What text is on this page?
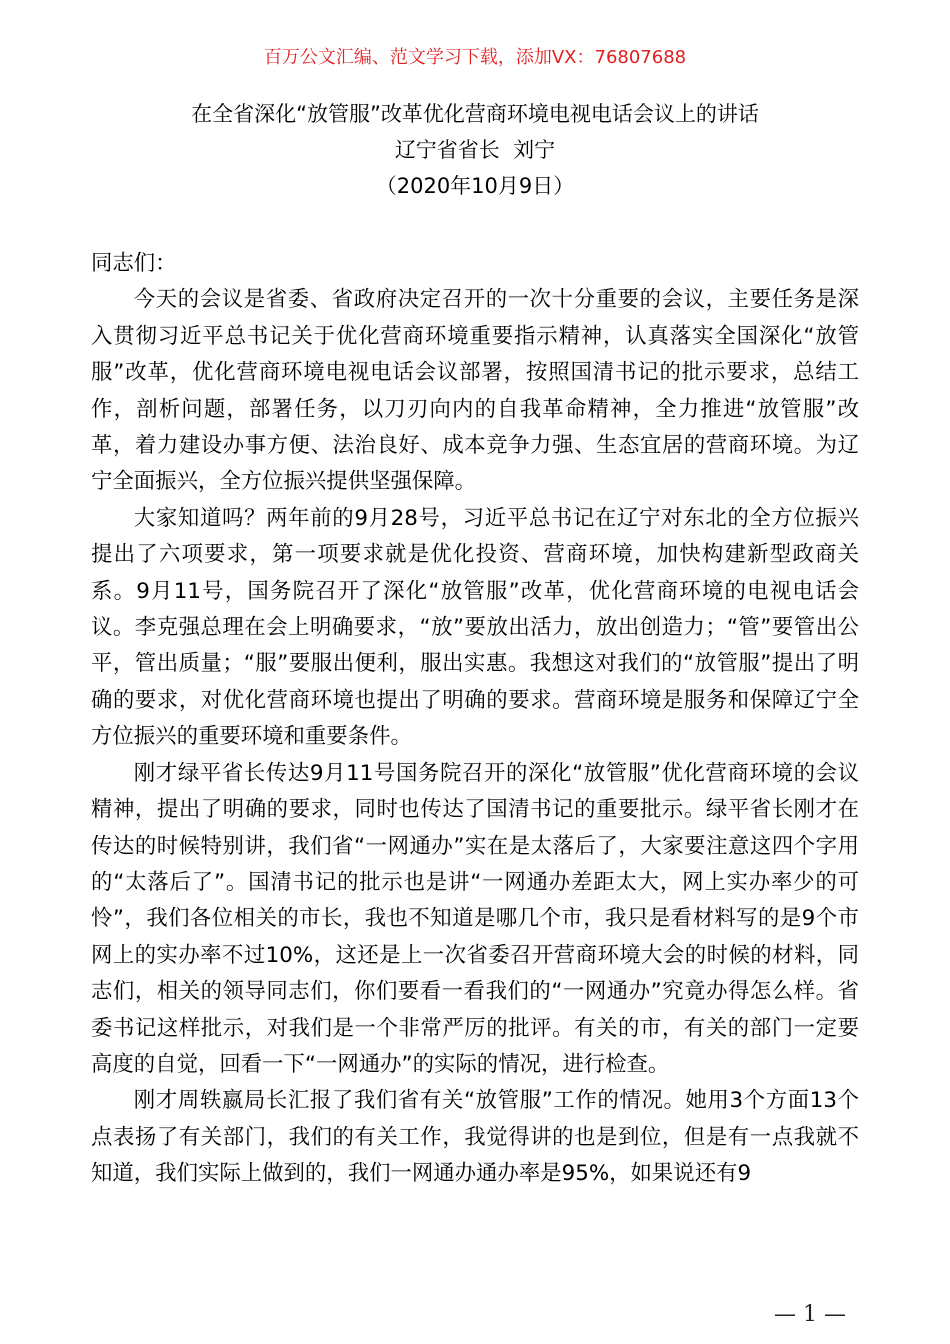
百万公文汇编、范文学习下载，添加VX：76807688

在全省深化“放管服”改革优化营商环境电视电话会议上的讲话

辽宁省省长  刘宁

（2020年10月9日）

同志们：

今天的会议是省委、省政府决定召开的一次十分重要的会议，主要任务是深入贯彻习近平总书记关于优化营商环境重要指示精神，认真落实全国深化“放管服”改革，优化营商环境电视电话会议部署，按照国清书记的批示要求，总结工作，剖析问题，部署任务，以刀刃向内的自我革命精神，全力推进“放管服”改革，着力建设办事方便、法治良好、成本竞争力强、生态宜居的营商环境。为辽宁全面振兴，全方位振兴提供坚强保障。

大家知道吗？两年前的9月28号，习近平总书记在辽宁对东北的全方位振兴提出了六项要求，第一项要求就是优化投资、营商环境，加快构建新型政商关系。9月11号，国务院召开了深化“放管服”改革，优化营商环境的电视电话会议。李克强总理在会上明确要求，“放”要放出活力，放出创造力；“管”要管出公平，管出质量；“服”要服出便利，服出实惠。我想这对我们的“放管服”提出了明确的要求，对优化营商环境也提出了明确的要求。营商环境是服务和保障辽宁全方位振兴的重要环境和重要条件。

刚才绿平省长传达9月11号国务院召开的深化“放管服”优化营商环境的会议精神，提出了明确的要求，同时也传达了国清书记的重要批示。绿平省长刚才在传达的时候特别讲，我们省“一网通办”实在是太落后了，大家要注意这四个字用的“太落后了”。国清书记的批示也是讲“一网通办差距太大，网上实办率少的可怜”，我们各位相关的市长，我也不知道是哪几个市，我只是看材料写的是9个市网上的实办率不过10%，这还是上一次省委召开营商环境大会的时候的材料，同志们，相关的领导同志们，你们要看一看我们的“一网通办”究竟办得怎么样。省委书记这样批示，对我们是一个非常严厉的批评。有关的市，有关的部门一定要高度的自觉，回看一下“一网通办”的实际的情况，进行检查。

刚才周轶嬴局长汇报了我们省有关“放管服”工作的情况。她用3个方面13个点表扬了有关部门，我们的有关工作，我觉得讲的也是到位，但是有一点我就不知道，我们实际上做到的，我们一网通办通办率是95%，如果说还有9

— 1 —
